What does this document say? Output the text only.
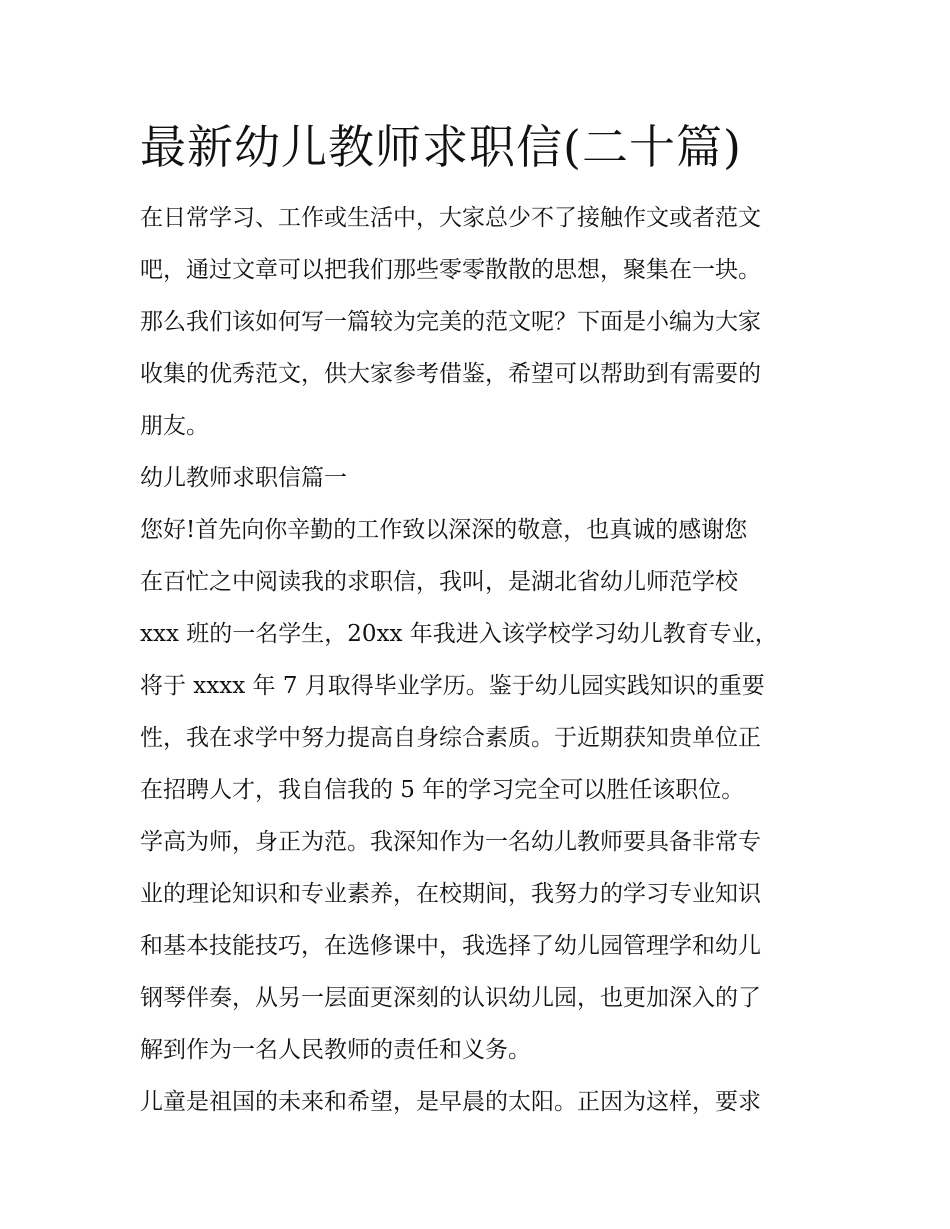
最新幼儿教师求职信(二十篇)

在日常学习、工作或生活中，大家总少不了接触作文或者范文
吧，通过文章可以把我们那些零零散散的思想，聚集在一块。
那么我们该如何写一篇较为完美的范文呢？下面是小编为大家
收集的优秀范文，供大家参考借鉴，希望可以帮助到有需要的
朋友。

幼儿教师求职信篇一

您好!首先向你辛勤的工作致以深深的敬意，也真诚的感谢您
在百忙之中阅读我的求职信，我叫，是湖北省幼儿师范学校
xxx 班的一名学生，20xx 年我进入该学校学习幼儿教育专业，
将于 xxxx 年 7 月取得毕业学历。鉴于幼儿园实践知识的重要
性，我在求学中努力提高自身综合素质。于近期获知贵单位正
在招聘人才，我自信我的 5 年的学习完全可以胜任该职位。

学高为师，身正为范。我深知作为一名幼儿教师要具备非常专
业的理论知识和专业素养，在校期间，我努力的学习专业知识
和基本技能技巧，在选修课中，我选择了幼儿园管理学和幼儿
钢琴伴奏，从另一层面更深刻的认识幼儿园，也更加深入的了
解到作为一名人民教师的责任和义务。

儿童是祖国的未来和希望，是早晨的太阳。正因为这样，要求
